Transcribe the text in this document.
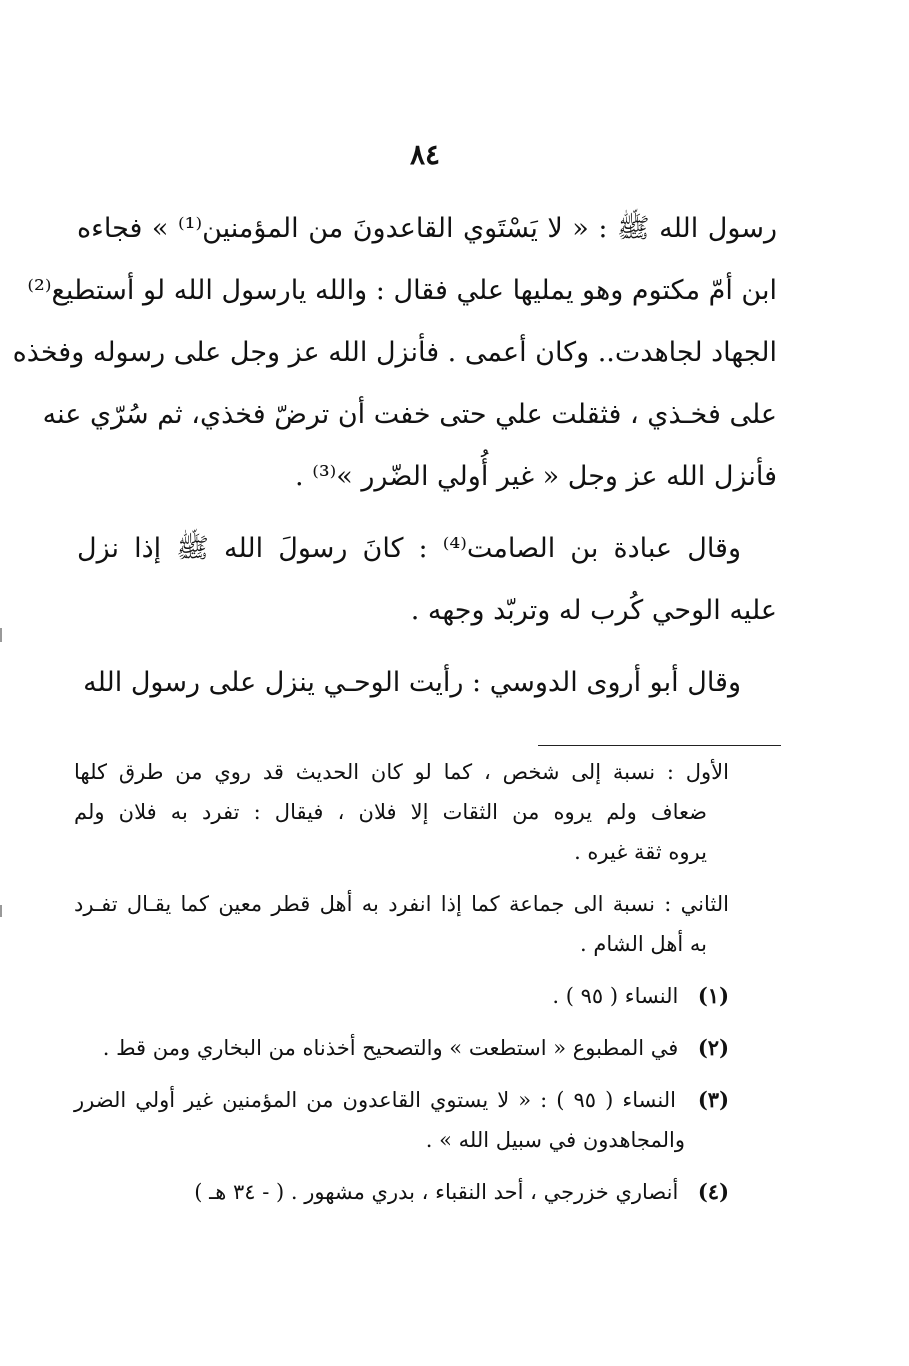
٨٤
رسول الله ﷺ : « لا يَسْتَوي القاعدونَ من المؤمنين⁽¹⁾ » فجاءه
ابن أمّ مكتوم وهو يمليها علي فقال : والله يارسول الله لو أستطيع⁽²⁾
الجهاد لجاهدت.. وكان أعمى . فأنزل الله عز وجل على رسوله وفخذه
على فخـذي ، فثقلت علي حتى خفت أن ترضّ فخذي، ثم سُرّي عنه
فأنزل الله عز وجل « غير أُولي الضّرر »⁽³⁾ .
وقال عبادة بن الصامت⁽⁴⁾ : كانَ رسولَ الله ﷺ إذا نزل
عليه الوحي كُرب له وتربّد وجهه .
وقال أبو أروى الدوسي : رأيت الوحـي ينزل على رسول الله
الأول : نسبة إلى شخص ، كما لو كان الحديث قد روي من طرق كلها
ضعاف ولم يروه من الثقات إلا فلان ، فيقال : تفرد به فلان ولم
يروه ثقة غيره .
الثاني : نسبة الى جماعة كما إذا انفرد به أهل قطر معين كما يقـال تفـرد
به أهل الشام .
(١) النساء ( ٩٥ ) .
(٢) في المطبوع « استطعت » والتصحيح أخذناه من البخاري ومن قط .
(٣) النساء ( ٩٥ ) : « لا يستوي القاعدون من المؤمنين غير أولي الضرر
والمجاهدون في سبيل الله » .
(٤) أنصاري خزرجي ، أحد النقباء ، بدري مشهور . ( - ٣٤ هـ )
